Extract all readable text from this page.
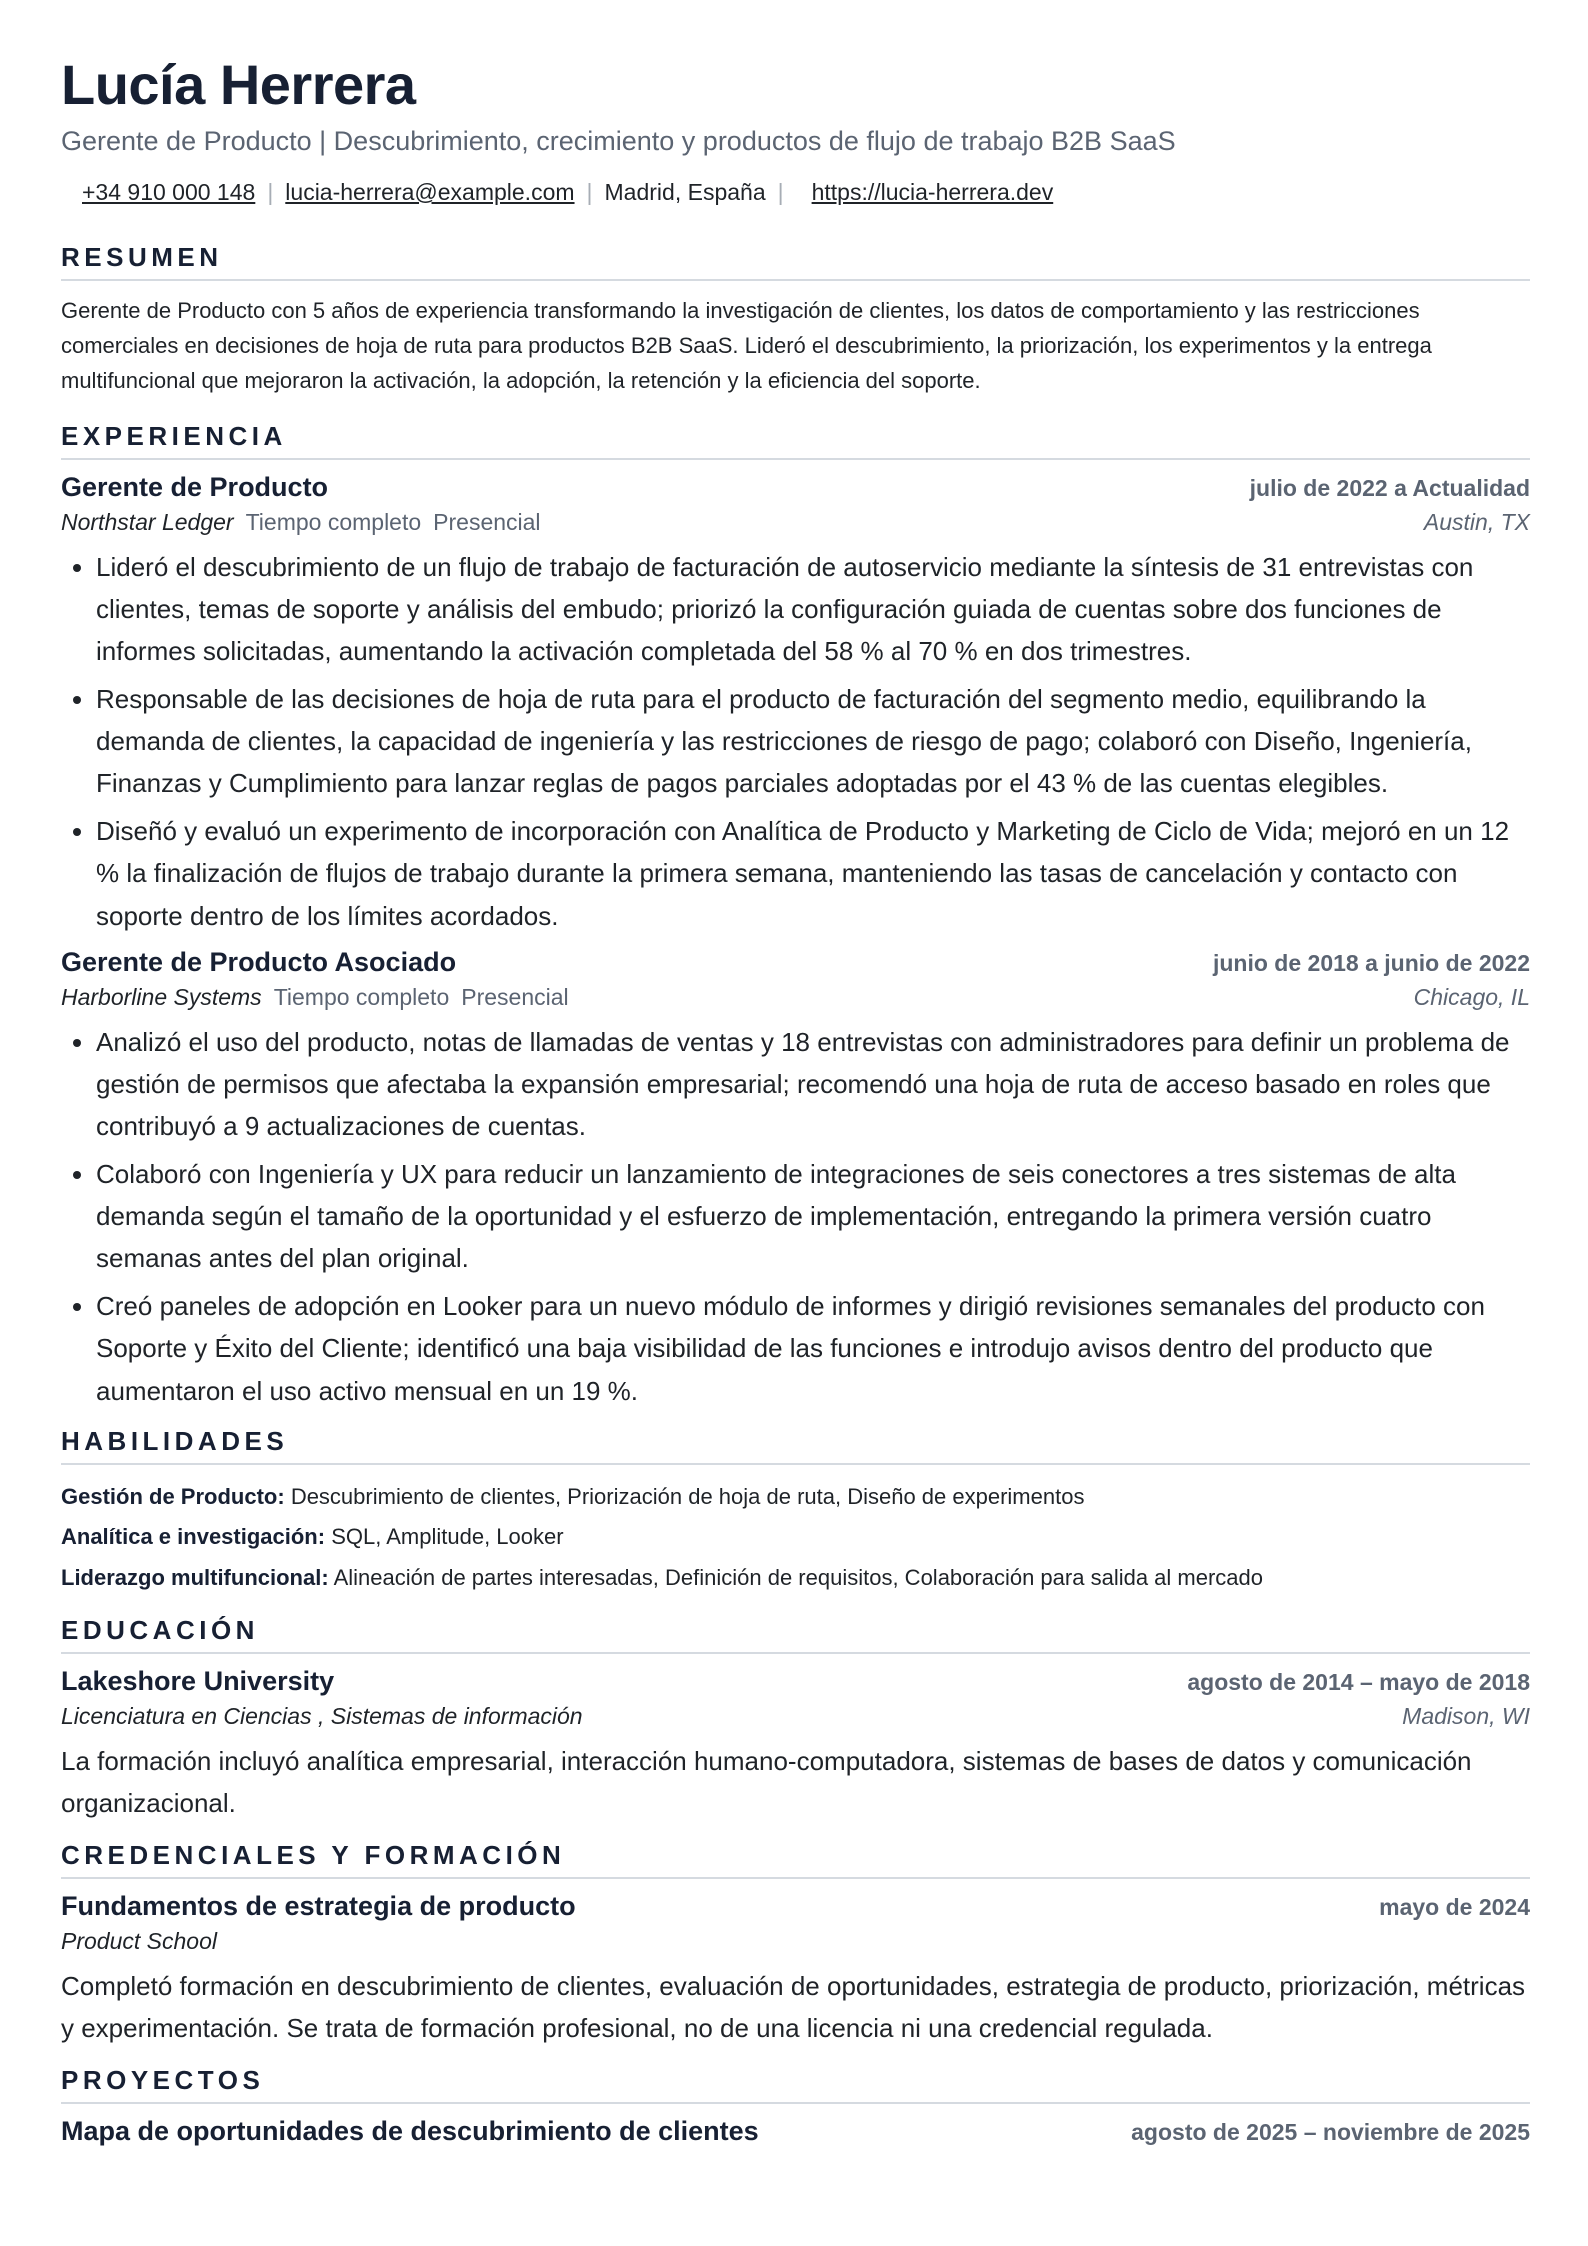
Lucía Herrera
Gerente de Producto | Descubrimiento, crecimiento y productos de flujo de trabajo B2B SaaS
+34 910 000 148 | lucia-herrera@example.com | Madrid, España | https://lucia-herrera.dev
RESUMEN

Gerente de Producto con 5 años de experiencia transformando la investigación de clientes, los datos de comportamiento y las restricciones comerciales en decisiones de hoja de ruta para productos B2B SaaS. Lideró el descubrimiento, la priorización, los experimentos y la entrega multifuncional que mejoraron la activación, la adopción, la retención y la eficiencia del soporte.

EXPERIENCIA
Gerente de Producto	julio de 2022 a Actualidad
Northstar Ledger Tiempo completo Presencial	Austin, TX
• Lideró el descubrimiento de un flujo de trabajo de facturación de autoservicio mediante la síntesis de 31 entrevistas con clientes, temas de soporte y análisis del embudo; priorizó la configuración guiada de cuentas sobre dos funciones de informes solicitadas, aumentando la activación completada del 58 % al 70 % en dos trimestres.
• Responsable de las decisiones de hoja de ruta para el producto de facturación del segmento medio, equilibrando la demanda de clientes, la capacidad de ingeniería y las restricciones de riesgo de pago; colaboró con Diseño, Ingeniería, Finanzas y Cumplimiento para lanzar reglas de pagos parciales adoptadas por el 43 % de las cuentas elegibles.
• Diseñó y evaluó un experimento de incorporación con Analítica de Producto y Marketing de Ciclo de Vida; mejoró en un 12 % la finalización de flujos de trabajo durante la primera semana, manteniendo las tasas de cancelación y contacto con soporte dentro de los límites acordados.
Gerente de Producto Asociado	junio de 2018 a junio de 2022
Harborline Systems Tiempo completo Presencial	Chicago, IL
• Analizó el uso del producto, notas de llamadas de ventas y 18 entrevistas con administradores para definir un problema de gestión de permisos que afectaba la expansión empresarial; recomendó una hoja de ruta de acceso basado en roles que contribuyó a 9 actualizaciones de cuentas.
• Colaboró con Ingeniería y UX para reducir un lanzamiento de integraciones de seis conectores a tres sistemas de alta demanda según el tamaño de la oportunidad y el esfuerzo de implementación, entregando la primera versión cuatro semanas antes del plan original.
• Creó paneles de adopción en Looker para un nuevo módulo de informes y dirigió revisiones semanales del producto con Soporte y Éxito del Cliente; identificó una baja visibilidad de las funciones e introdujo avisos dentro del producto que aumentaron el uso activo mensual en un 19 %.
HABILIDADES
Gestión de Producto: Descubrimiento de clientes, Priorización de hoja de ruta, Diseño de experimentos
Analítica e investigación: SQL, Amplitude, Looker
Liderazgo multifuncional: Alineación de partes interesadas, Definición de requisitos, Colaboración para salida al mercado
EDUCACIÓN
Lakeshore University	agosto de 2014 – mayo de 2018
Licenciatura en Ciencias , Sistemas de información	Madison, WI

La formación incluyó analítica empresarial, interacción humano-computadora, sistemas de bases de datos y comunicación organizacional.

CREDENCIALES Y FORMACIÓN
Fundamentos de estrategia de producto	mayo de 2024
Product School

Completó formación en descubrimiento de clientes, evaluación de oportunidades, estrategia de producto, priorización, métricas y experimentación. Se trata de formación profesional, no de una licencia ni una credencial regulada.

PROYECTOS
Mapa de oportunidades de descubrimiento de clientes	agosto de 2025 – noviembre de 2025
